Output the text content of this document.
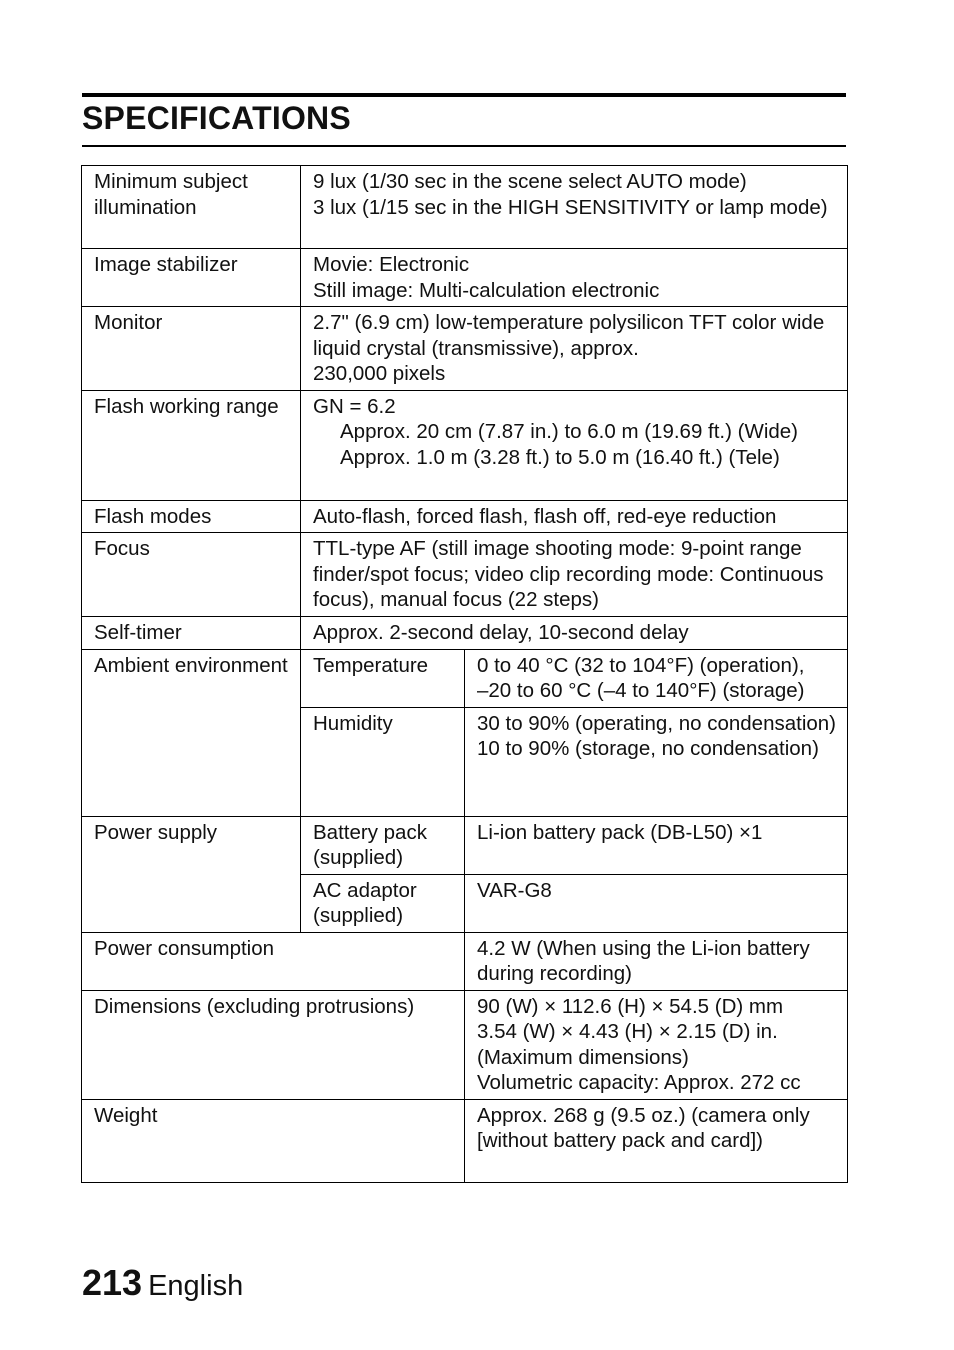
SPECIFICATIONS
Minimum subject illumination	9 lux (1/30 sec in the scene select AUTO mode)
3 lux (1/15 sec in the HIGH SENSITIVITY or lamp mode)	

Image stabilizer	Movie: Electronic
Still image: Multi-calculation electronic	

Monitor	2.7" (6.9 cm) low-temperature polysilicon TFT color wide liquid crystal (transmissive), approx.
230,000 pixels	

Flash working range	GN = 6.2
Approx. 20 cm (7.87 in.) to 6.0 m (19.69 ft.) (Wide)
Approx. 1.0 m (3.28 ft.) to 5.0 m (16.40 ft.) (Tele)	

Flash modes	Auto-flash, forced flash, flash off, red-eye reduction	
Focus	TTL-type AF (still image shooting mode: 9-point range finder/spot focus; video clip recording mode: Continuous focus), manual focus (22 steps)	
Self-timer	Approx. 2-second delay, 10-second delay	
Ambient environment	Temperature	0 to 40 °C (32 to 104°F) (operation),
–20 to 60 °C (–4 to 140°F) (storage)

	Humidity	30 to 90% (operating, no condensation)
10 to 90% (storage, no condensation)

Power supply	Battery pack (supplied)	Li-ion battery pack (DB-L50) ×1
	AC adaptor (supplied)	VAR-G8
Power consumption		4.2 W (When using the Li-ion battery during recording)
Dimensions (excluding protrusions)		90 (W) × 112.6 (H) × 54.5 (D) mm
3.54 (W) × 4.43 (H) × 2.15 (D) in.
(Maximum dimensions)
Volumetric capacity: Approx. 272 cc

Weight		Approx. 268 g (9.5 oz.) (camera only [without battery pack and card])
213 English
